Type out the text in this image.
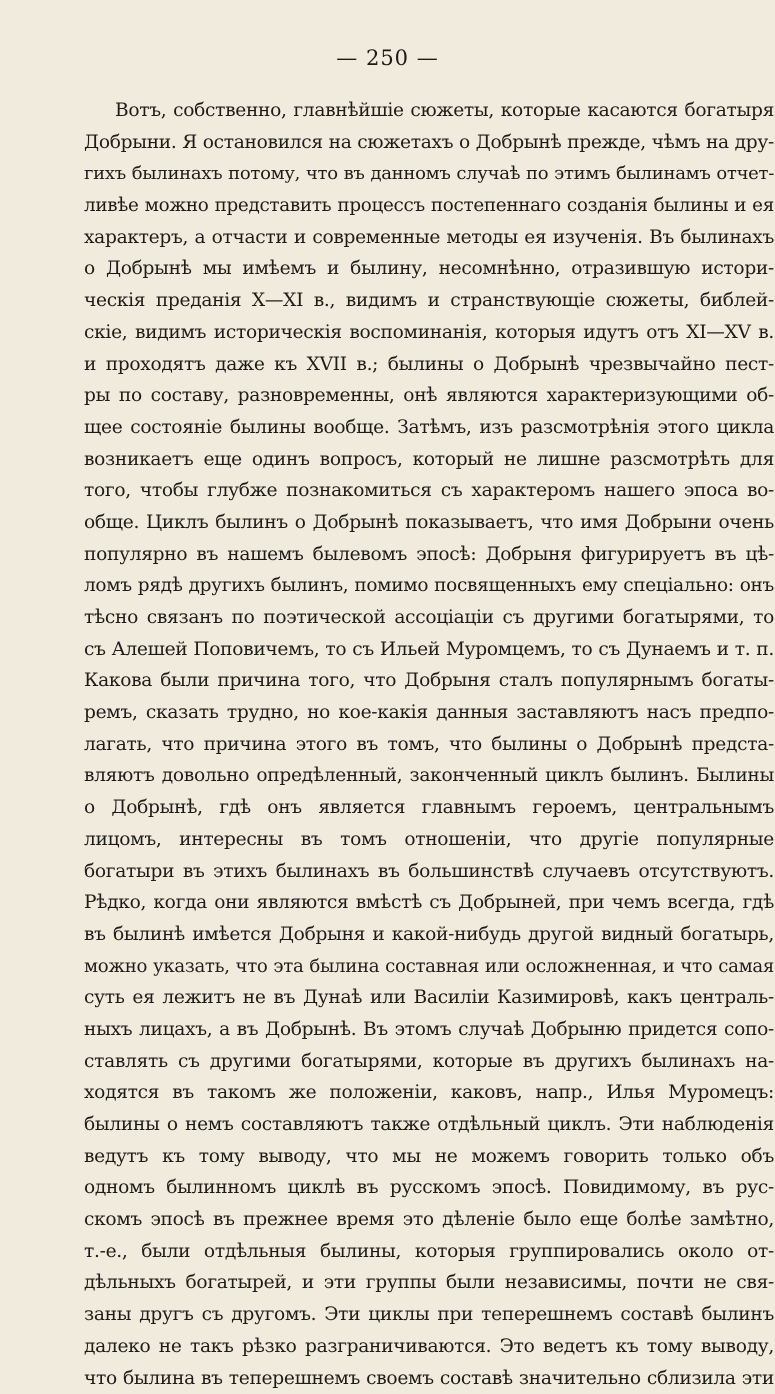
— 250 —
Вотъ, собственно, главнѣйшіе сюжеты, которые касаются богатыря
Добрыни. Я остановился на сюжетахъ о Добрынѣ прежде, чѣмъ на дру-
гихъ былинахъ потому, что въ данномъ случаѣ по этимъ былинамъ отчет-
ливѣе можно представить процессъ постепеннаго созданія былины и ея
характеръ, а отчасти и современные методы ея изученія. Въ былинахъ
о Добрынѣ мы имѣемъ и былину, несомнѣнно, отразившую истори-
ческія преданія X—XI в., видимъ и странствующіе сюжеты, библей-
скіе, видимъ историческія воспоминанія, которыя идутъ отъ XI—XV в.
и проходятъ даже къ XVII в.; былины о Добрынѣ чрезвычайно пест-
ры по составу, разновременны, онѣ являются характеризующими об-
щее состояніе былины вообще. Затѣмъ, изъ разсмотрѣнія этого цикла
возникаетъ еще одинъ вопросъ, который не лишне разсмотрѣть для
того, чтобы глубже познакомиться съ характеромъ нашего эпоса во-
обще. Циклъ былинъ о Добрынѣ показываетъ, что имя Добрыни очень
популярно въ нашемъ былевомъ эпосѣ: Добрыня фигурируетъ въ цѣ-
ломъ рядѣ другихъ былинъ, помимо посвященныхъ ему спеціально: онъ
тѣсно связанъ по поэтической ассоціаціи съ другими богатырями, то
съ Алешей Поповичемъ, то съ Ильей Муромцемъ, то съ Дунаемъ и т. п.
Какова были причина того, что Добрыня сталъ популярнымъ богаты-
ремъ, сказать трудно, но кое-какія данныя заставляютъ насъ предпо-
лагать, что причина этого въ томъ, что былины о Добрынѣ предста-
вляютъ довольно опредѣленный, законченный циклъ былинъ. Былины
о Добрынѣ, гдѣ онъ является главнымъ героемъ, центральнымъ
лицомъ, интересны въ томъ отношеніи, что другіе популярные
богатыри въ этихъ былинахъ въ большинствѣ случаевъ отсутствуютъ.
Рѣдко, когда они являются вмѣстѣ съ Добрыней, при чемъ всегда, гдѣ
въ былинѣ имѣется Добрыня и какой-нибудь другой видный богатырь,
можно указать, что эта былина составная или осложненная, и что самая
суть ея лежитъ не въ Дунаѣ или Василіи Казимировѣ, какъ централь-
ныхъ лицахъ, а въ Добрынѣ. Въ этомъ случаѣ Добрыню придется сопо-
ставлять съ другими богатырями, которые въ другихъ былинахъ на-
ходятся въ такомъ же положеніи, каковъ, напр., Илья Муромецъ:
былины о немъ составляютъ также отдѣльный циклъ. Эти наблюденія
ведутъ къ тому выводу, что мы не можемъ говорить только объ
одномъ былинномъ циклѣ въ русскомъ эпосѣ. Повидимому, въ рус-
скомъ эпосѣ въ прежнее время это дѣленіе было еще болѣе замѣтно,
т.-е., были отдѣльныя былины, которыя группировались около от-
дѣльныхъ богатырей, и эти группы были независимы, почти не свя-
заны другъ съ другомъ. Эти циклы при теперешнемъ составѣ былинъ
далеко не такъ рѣзко разграничиваются. Это ведетъ къ тому выводу,
что былина въ теперешнемъ своемъ составѣ значительно сблизила эти
